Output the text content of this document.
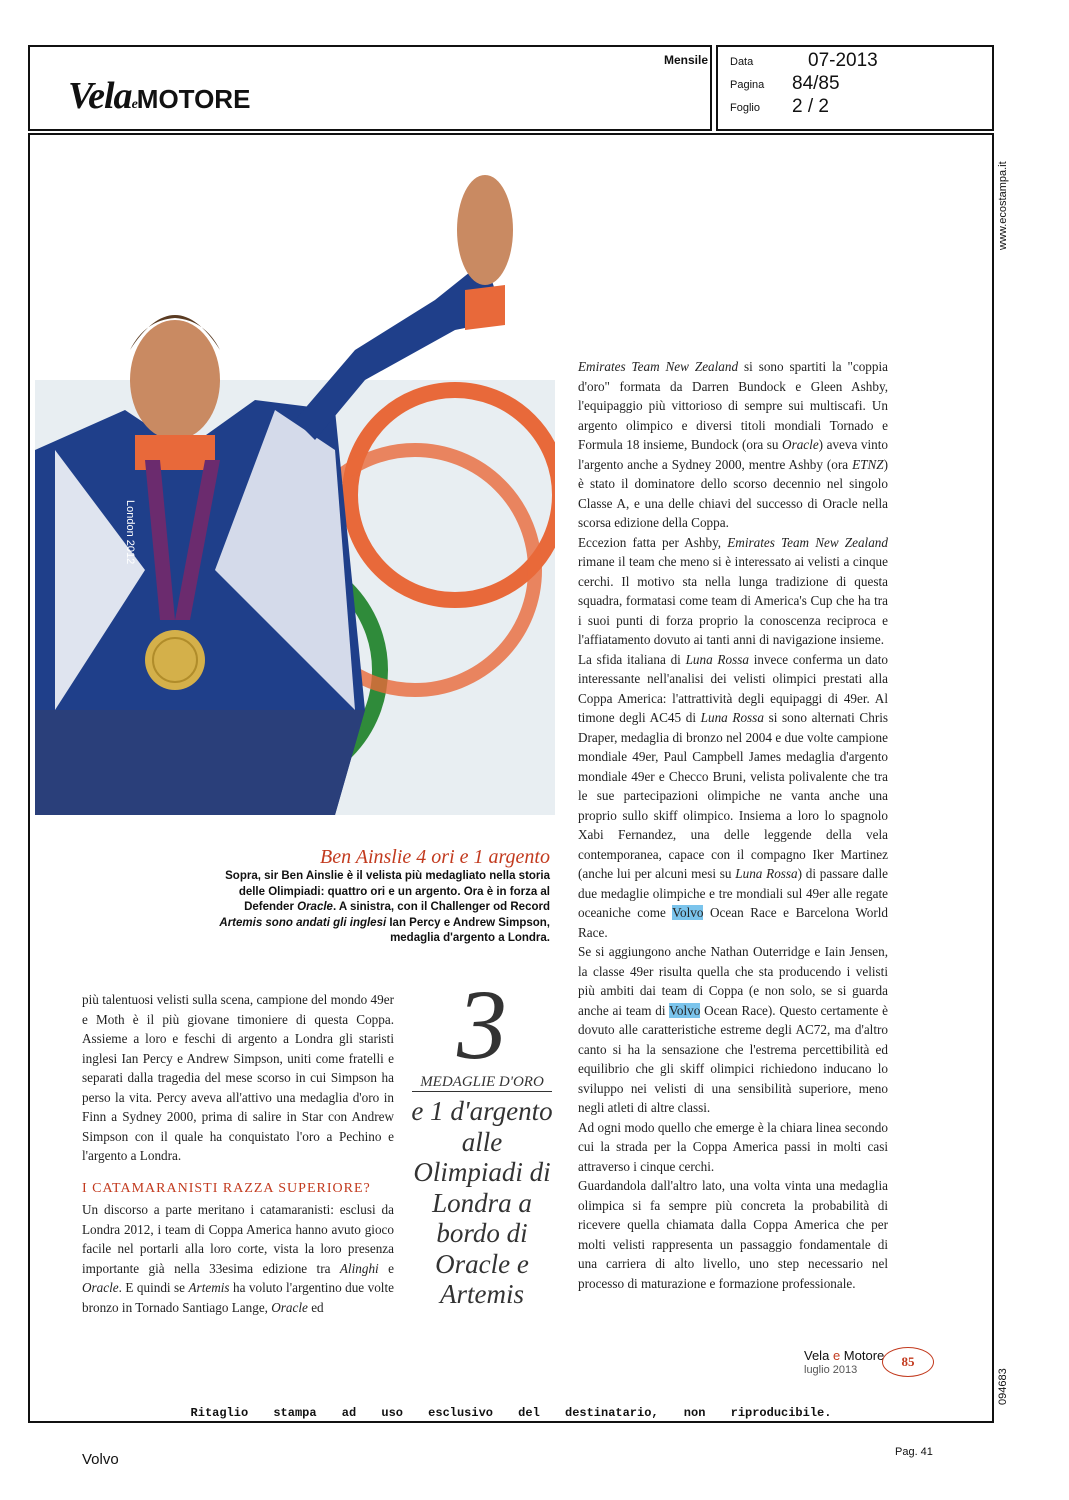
VelaeMOTORE
Mensile Data	07-2013
Pagina 84/85
Foglio 2 / 2
www.ecostampa.it
094683
London 2012
Ben Ainslie 4 ori e 1 argento
Sopra, sir Ben Ainslie è il velista più medagliato nella storia delle Olimpiadi: quattro ori e un argento. Ora è in forza al Defender Oracle. A sinistra, con il Challenger od Record Artemis sono andati gli inglesi Ian Percy e Andrew Simpson, medaglia d'argento a Londra.
più talentuosi velisti sulla scena, campione del mondo 49er e Moth è il più giovane timoniere di questa Coppa. Assieme a loro e feschi di argento a Londra gli staristi inglesi Ian Percy e Andrew Simpson, uniti come fratelli e separati dalla tragedia del mese scorso in cui Simpson ha perso la vita. Percy aveva all'attivo una medaglia d'oro in Finn a Sydney 2000, prima di salire in Star con Andrew Simpson con il quale ha conquistato l'oro a Pechino e l'argento a Londra.
I CATAMARANISTI RAZZA SUPERIORE?
Un discorso a parte meritano i catamaranisti: esclusi da Londra 2012, i team di Coppa America hanno avuto gioco facile nel portarli alla loro corte, vista la loro presenza importante già nella 33esima edizione tra Alinghi e Oracle. E quindi se Artemis ha voluto l'argentino due volte bronzo in Tornado Santiago Lange, Oracle ed
3
MEDAGLIE D'ORO
e 1 d'argento alle Olimpiadi di Londra a bordo di Oracle e Artemis
Emirates Team New Zealand si sono spartiti la "coppia d'oro" formata da Darren Bundock e Gleen Ashby, l'equipaggio più vittorioso di sempre sui multiscafi. Un argento olimpico e diversi titoli mondiali Tornado e Formula 18 insieme, Bundock (ora su Oracle) aveva vinto l'argento anche a Sydney 2000, mentre Ashby (ora ETNZ) è stato il dominatore dello scorso decennio nel singolo Classe A, e una delle chiavi del successo di Oracle nella scorsa edizione della Coppa.
Eccezion fatta per Ashby, Emirates Team New Zealand rimane il team che meno si è interessato ai velisti a cinque cerchi. Il motivo sta nella lunga tradizione di questa squadra, formatasi come team di America's Cup che ha tra i suoi punti di forza proprio la conoscenza reciproca e l'affiatamento dovuto ai tanti anni di navigazione insieme.
La sfida italiana di Luna Rossa invece conferma un dato interessante nell'analisi dei velisti olimpici prestati alla Coppa America: l'attrattività degli equipaggi di 49er. Al timone degli AC45 di Luna Rossa si sono alternati Chris Draper, medaglia di bronzo nel 2004 e due volte campione mondiale 49er, Paul Campbell James medaglia d'argento mondiale 49er e Checco Bruni, velista polivalente che tra le sue partecipazioni olimpiche ne vanta anche una proprio sullo skiff olimpico. Insiema a loro lo spagnolo Xabi Fernandez, una delle leggende della vela contemporanea, capace con il compagno Iker Martinez (anche lui per alcuni mesi su Luna Rossa) di passare dalle due medaglie olimpiche e tre mondiali sul 49er alle regate oceaniche come Volvo Ocean Race e Barcelona World Race.
Se si aggiungono anche Nathan Outerridge e Iain Jensen, la classe 49er risulta quella che sta producendo i velisti più ambiti dai team di Coppa (e non solo, se si guarda anche ai team di Volvo Ocean Race). Questo certamente è dovuto alle caratteristiche estreme degli AC72, ma d'altro canto si ha la sensazione che l'estrema percettibilità ed equilibrio che gli skiff olimpici richiedono inducano lo sviluppo nei velisti di una sensibilità superiore, meno negli atleti di altre classi.
Ad ogni modo quello che emerge è la chiara linea secondo cui la strada per la Coppa America passi in molti casi attraverso i cinque cerchi.
Guardandola dall'altro lato, una volta vinta una medaglia olimpica si fa sempre più concreta la probabilità di ricevere quella chiamata dalla Coppa America che per molti velisti rappresenta un passaggio fondamentale di una carriera di alto livello, uno step necessario nel processo di maturazione e formazione professionale.
Vela e Motore
luglio 2013
85
Ritaglio stampa ad uso esclusivo del destinatario, non riproducibile.
Volvo	Pag. 41
